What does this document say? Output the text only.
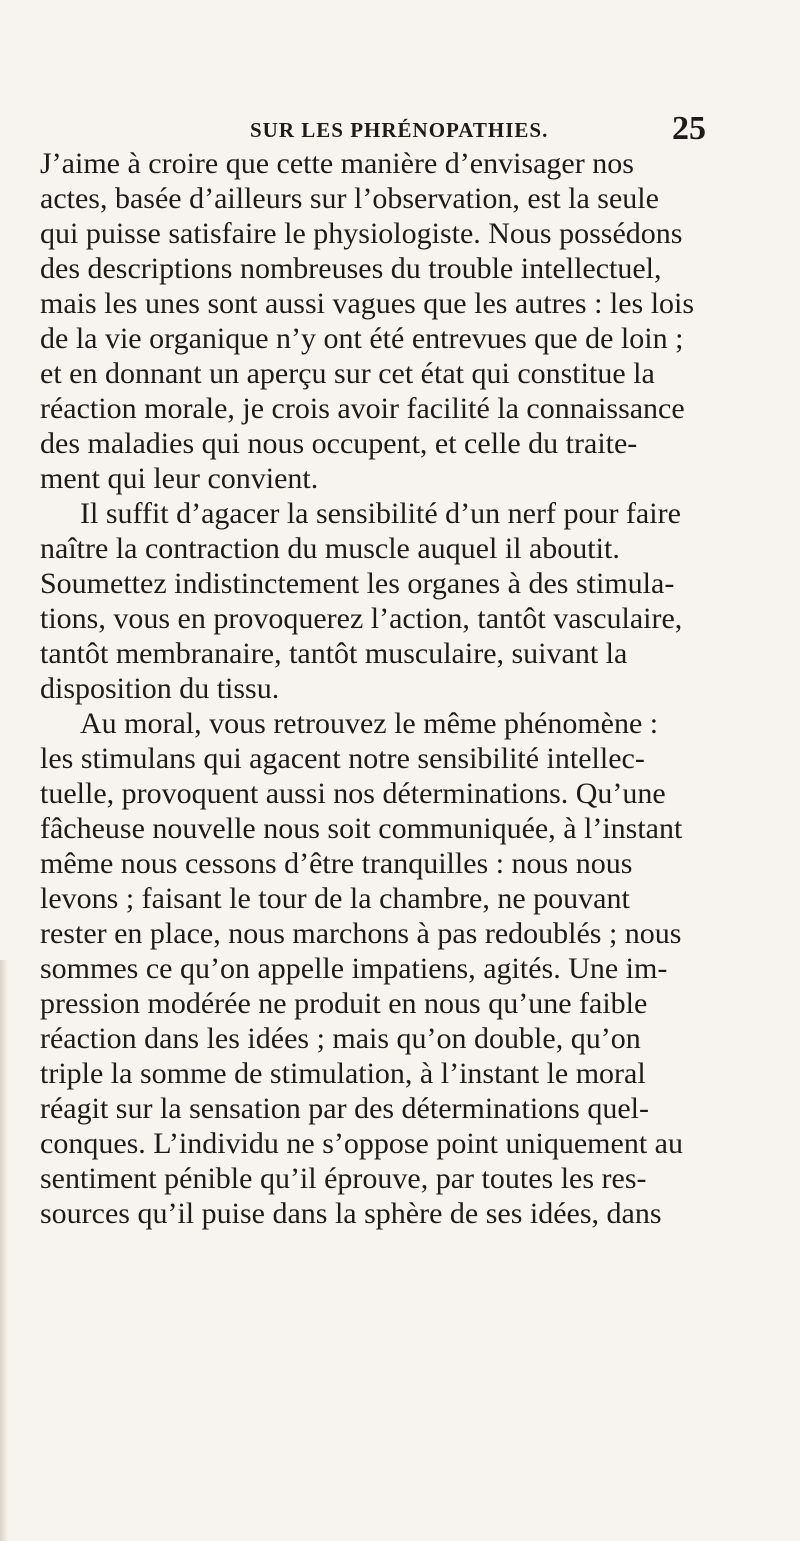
SUR LES PHRÉNOPATHIES.	25
J’aime à croire que cette manière d’envisager nos
actes, basée d’ailleurs sur l’observation, est la seule
qui puisse satisfaire le physiologiste. Nous possédons
des descriptions nombreuses du trouble intellectuel,
mais les unes sont aussi vagues que les autres : les lois
de la vie organique n’y ont été entrevues que de loin ;
et en donnant un aperçu sur cet état qui constitue la
réaction morale, je crois avoir facilité la connaissance
des maladies qui nous occupent, et celle du traite-
ment qui leur convient.
Il suffit d’agacer la sensibilité d’un nerf pour faire
naître la contraction du muscle auquel il aboutit.
Soumettez indistinctement les organes à des stimula-
tions, vous en provoquerez l’action, tantôt vasculaire,
tantôt membranaire, tantôt musculaire, suivant la
disposition du tissu.
Au moral, vous retrouvez le même phénomène :
les stimulans qui agacent notre sensibilité intellec-
tuelle, provoquent aussi nos déterminations. Qu’une
fâcheuse nouvelle nous soit communiquée, à l’instant
même nous cessons d’être tranquilles : nous nous
levons ; faisant le tour de la chambre, ne pouvant
rester en place, nous marchons à pas redoublés ; nous
sommes ce qu’on appelle impatiens, agités. Une im-
pression modérée ne produit en nous qu’une faible
réaction dans les idées ; mais qu’on double, qu’on
triple la somme de stimulation, à l’instant le moral
réagit sur la sensation par des déterminations quel-
conques. L’individu ne s’oppose point uniquement au
sentiment pénible qu’il éprouve, par toutes les res-
sources qu’il puise dans la sphère de ses idées, dans
